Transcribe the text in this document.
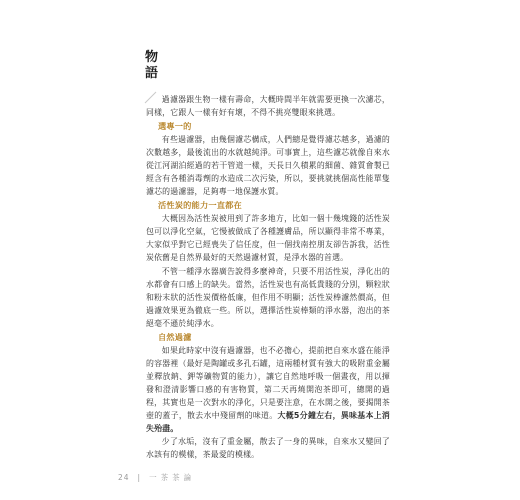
物語

過濾器跟生物一樣有壽命，大概時間半年就需要更換一次濾芯，同樣，它跟人一樣有好有壞，不得不挑亮雙眼來挑選。

選專一的

有些過濾器，由幾個濾芯構成，人們總是覺得濾芯越多，過濾的次數越多，最後流出的水就越純淨。可事實上，這些濾芯就像自來水從江河湖泊經過的若干管道一樣，天長日久積累的細菌、雜質會製已經含有各種消毒劑的水造成二次污染，所以，要挑就挑個高性能單隻濾芯的過濾器，足夠專一地保護水質。

活性炭的能力一直都在

大概因為活性炭被用到了許多地方，比如一個十幾塊錢的活性炭包可以淨化空氣，它慢被做成了各種護膚品，所以顯得非常不專業，大家似乎對它已經喪失了信任度，但一個找南控朋友卻告訴我，活性炭依舊是自然界最好的天然過濾材質，是淨水器的首選。

不管一種淨水器廣告說得多麼神奇，只要不用活性炭，淨化出的水都會有口感上的缺失。當然，活性炭也有高低貴賤的分別，顆粒狀和粉末狀的活性炭價格低廉，但作用不明顯；活性炭棒濾然價高，但過濾效果更為徹底一些。所以，選擇活性炭棒類的淨水器，泡出的茶絕毫不遜於純淨水。

自然過濾

如果此時家中沒有過濾器，也不必擔心，提前把自來水盛在能淨的容器裡（最好是陶罐或多孔石罐，這兩種材質有強大的吸附重金屬並釋放鈉、鉀等礦物質的能力），讓它自然地呼吸一個晝夜，用以揮發和澄清影響口感的有害物質，第二天再燒開泡茶即可，總開的過程，其實也是一次對水的淨化，只是要注意，在水開之後，要揭開茶壺的蓋子，散去水中殘留劑的味道。大概5分鐘左右，異味基本上消失殆盡。

少了水垢，沒有了重金屬，散去了一身的異味，自來水又變回了水該有的模樣，茶最愛的模樣。

24 | 一茶茶論
